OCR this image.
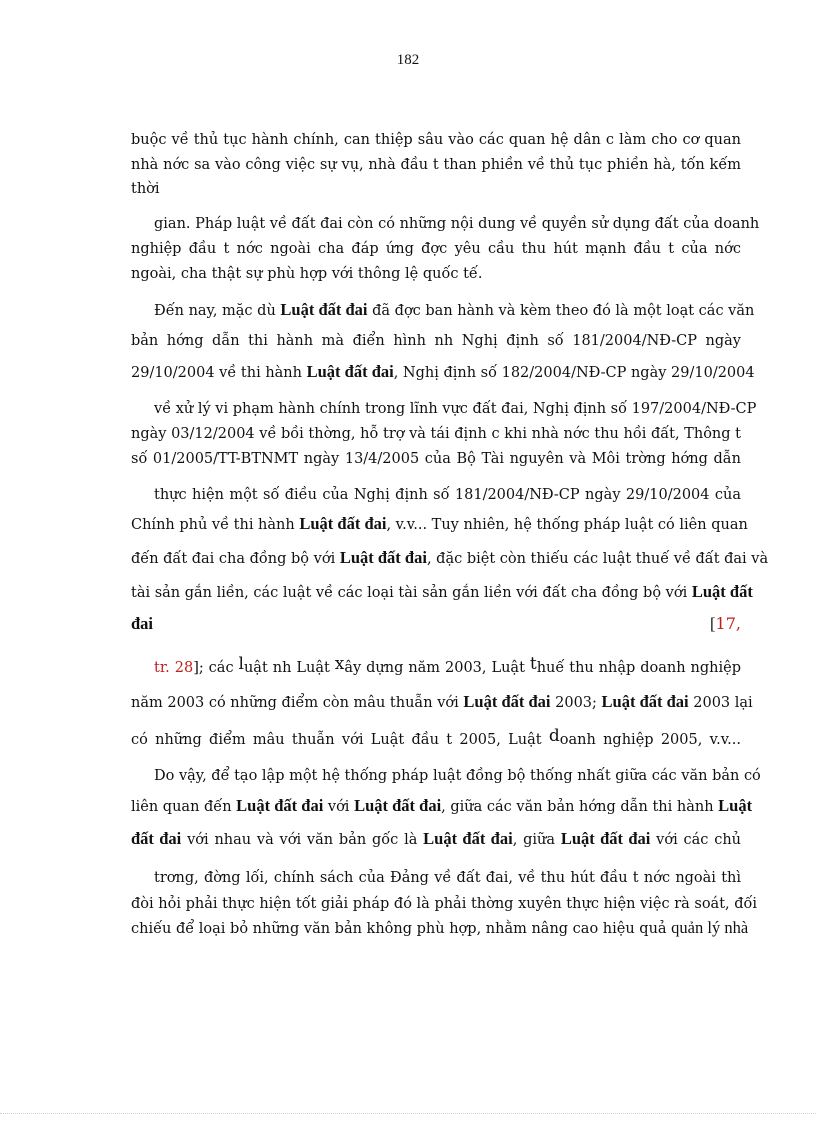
182
buộc về thủ tục hành chính, can thiệp sâu vào các quan hệ dân c làm cho cơ quan
nhà nớc sa vào công việc sự vụ, nhà đầu t than phiền về thủ tục phiền hà, tốn kếm
thời
gian. Pháp luật về đất đai còn có những nội dung về quyền sử dụng đất của doanh
nghiệp đầu t nớc ngoài cha đáp ứng đợc yêu cầu thu hút mạnh đầu t của nớc
ngoài, cha thật sự phù hợp với thông lệ quốc tế.
Đến nay, mặc dù Luật đất đai đã đợc ban hành và kèm theo đó là một loạt các văn
bản hớng dẫn thi hành mà điển hình nh Nghị định số 181/2004/NĐ-CP ngày
29/10/2004 về thi hành Luật đất đai, Nghị định số 182/2004/NĐ-CP ngày 29/10/2004
về xử lý vi phạm hành chính trong lĩnh vực đất đai, Nghị định số 197/2004/NĐ-CP
ngày 03/12/2004 về bồi thờng, hỗ trợ và tái định c khi nhà nớc thu hồi đất, Thông t
số 01/2005/TT-BTNMT ngày 13/4/2005 của Bộ Tài nguyên và Môi trờng hớng dẫn
thực hiện một số điều của Nghị định số 181/2004/NĐ-CP ngày 29/10/2004 của
Chính phủ về thi hành Luật đất đai, v.v... Tuy nhiên, hệ thống pháp luật có liên quan
đến đất đai cha đồng bộ với Luật đất đai, đặc biệt còn thiếu các luật thuế về đất đai và
tài sản gắn liền, các luật về các loại tài sản gắn liền với đất cha đồng bộ với Luật đất
đai	[17,
tr. 28]; các luật nh Luật xây dựng năm 2003, Luật thuế thu nhập doanh nghiệp
năm 2003 có những điểm còn mâu thuẫn với Luật đất đai 2003; Luật đất đai 2003 lại
có những điểm mâu thuẫn với Luật đầu t 2005, Luật doanh nghiệp 2005, v.v...
Do vậy, để tạo lập một hệ thống pháp luật đồng bộ thống nhất giữa các văn bản có
liên quan đến Luật đất đai với Luật đất đai, giữa các văn bản hớng dẫn thi hành Luật
đất đai với nhau và với văn bản gốc là Luật đất đai, giữa Luật đất đai với các chủ
trơng, đờng lối, chính sách của Đảng về đất đai, về thu hút đầu t nớc ngoài thì
đòi hỏi phải thực hiện tốt giải pháp đó là phải thờng xuyên thực hiện việc rà soát, đối
chiếu để loại bỏ những văn bản không phù hợp, nhằm nâng cao hiệu quả quản lý nhà
